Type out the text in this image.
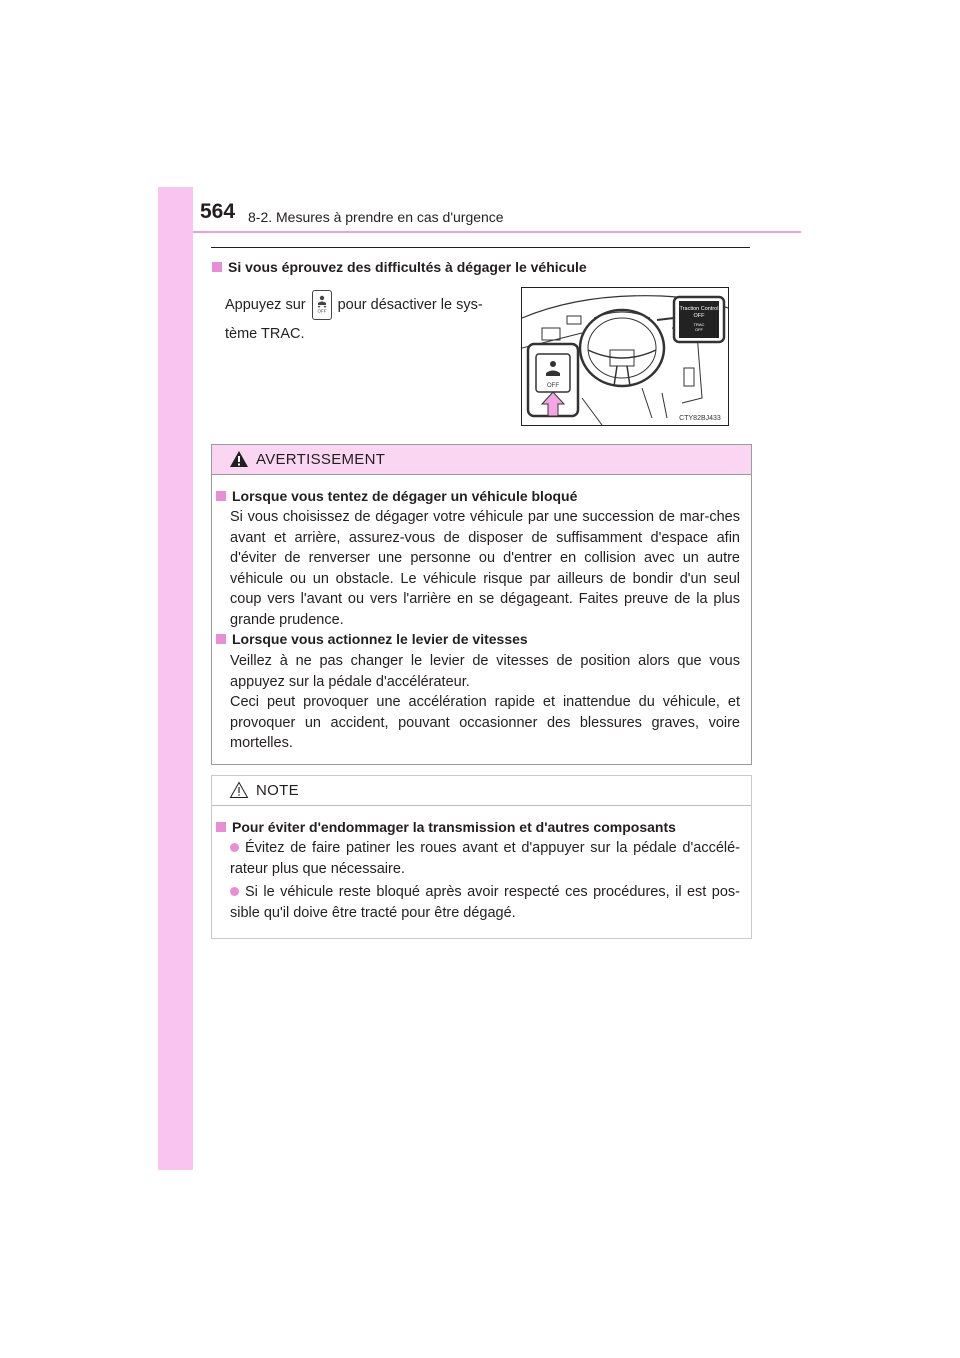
564 8-2. Mesures à prendre en cas d'urgence
Si vous éprouvez des difficultés à dégager le véhicule
Appuyez sur	OFF pour désactiver le sys-
tème TRAC.
Traction Control
OFF
TRAC
OFF
OFF
CTY82BJ433
AVERTISSEMENT
Lorsque vous tentez de dégager un véhicule bloqué
Si vous choisissez de dégager votre véhicule par une succession de mar-ches avant et arrière, assurez-vous de disposer de suffisamment d'espace afin d'éviter de renverser une personne ou d'entrer en collision avec un autre véhicule ou un obstacle. Le véhicule risque par ailleurs de bondir d'un seul coup vers l'avant ou vers l'arrière en se dégageant. Faites preuve de la plus grande prudence.
Lorsque vous actionnez le levier de vitesses
Veillez à ne pas changer le levier de vitesses de position alors que vous appuyez sur la pédale d'accélérateur.
Ceci peut provoquer une accélération rapide et inattendue du véhicule, et provoquer un accident, pouvant occasionner des blessures graves, voire mortelles.
NOTE
Pour éviter d'endommager la transmission et d'autres composants
Évitez de faire patiner les roues avant et d'appuyer sur la pédale d'accélé-rateur plus que nécessaire.
Si le véhicule reste bloqué après avoir respecté ces procédures, il est pos-sible qu'il doive être tracté pour être dégagé.
